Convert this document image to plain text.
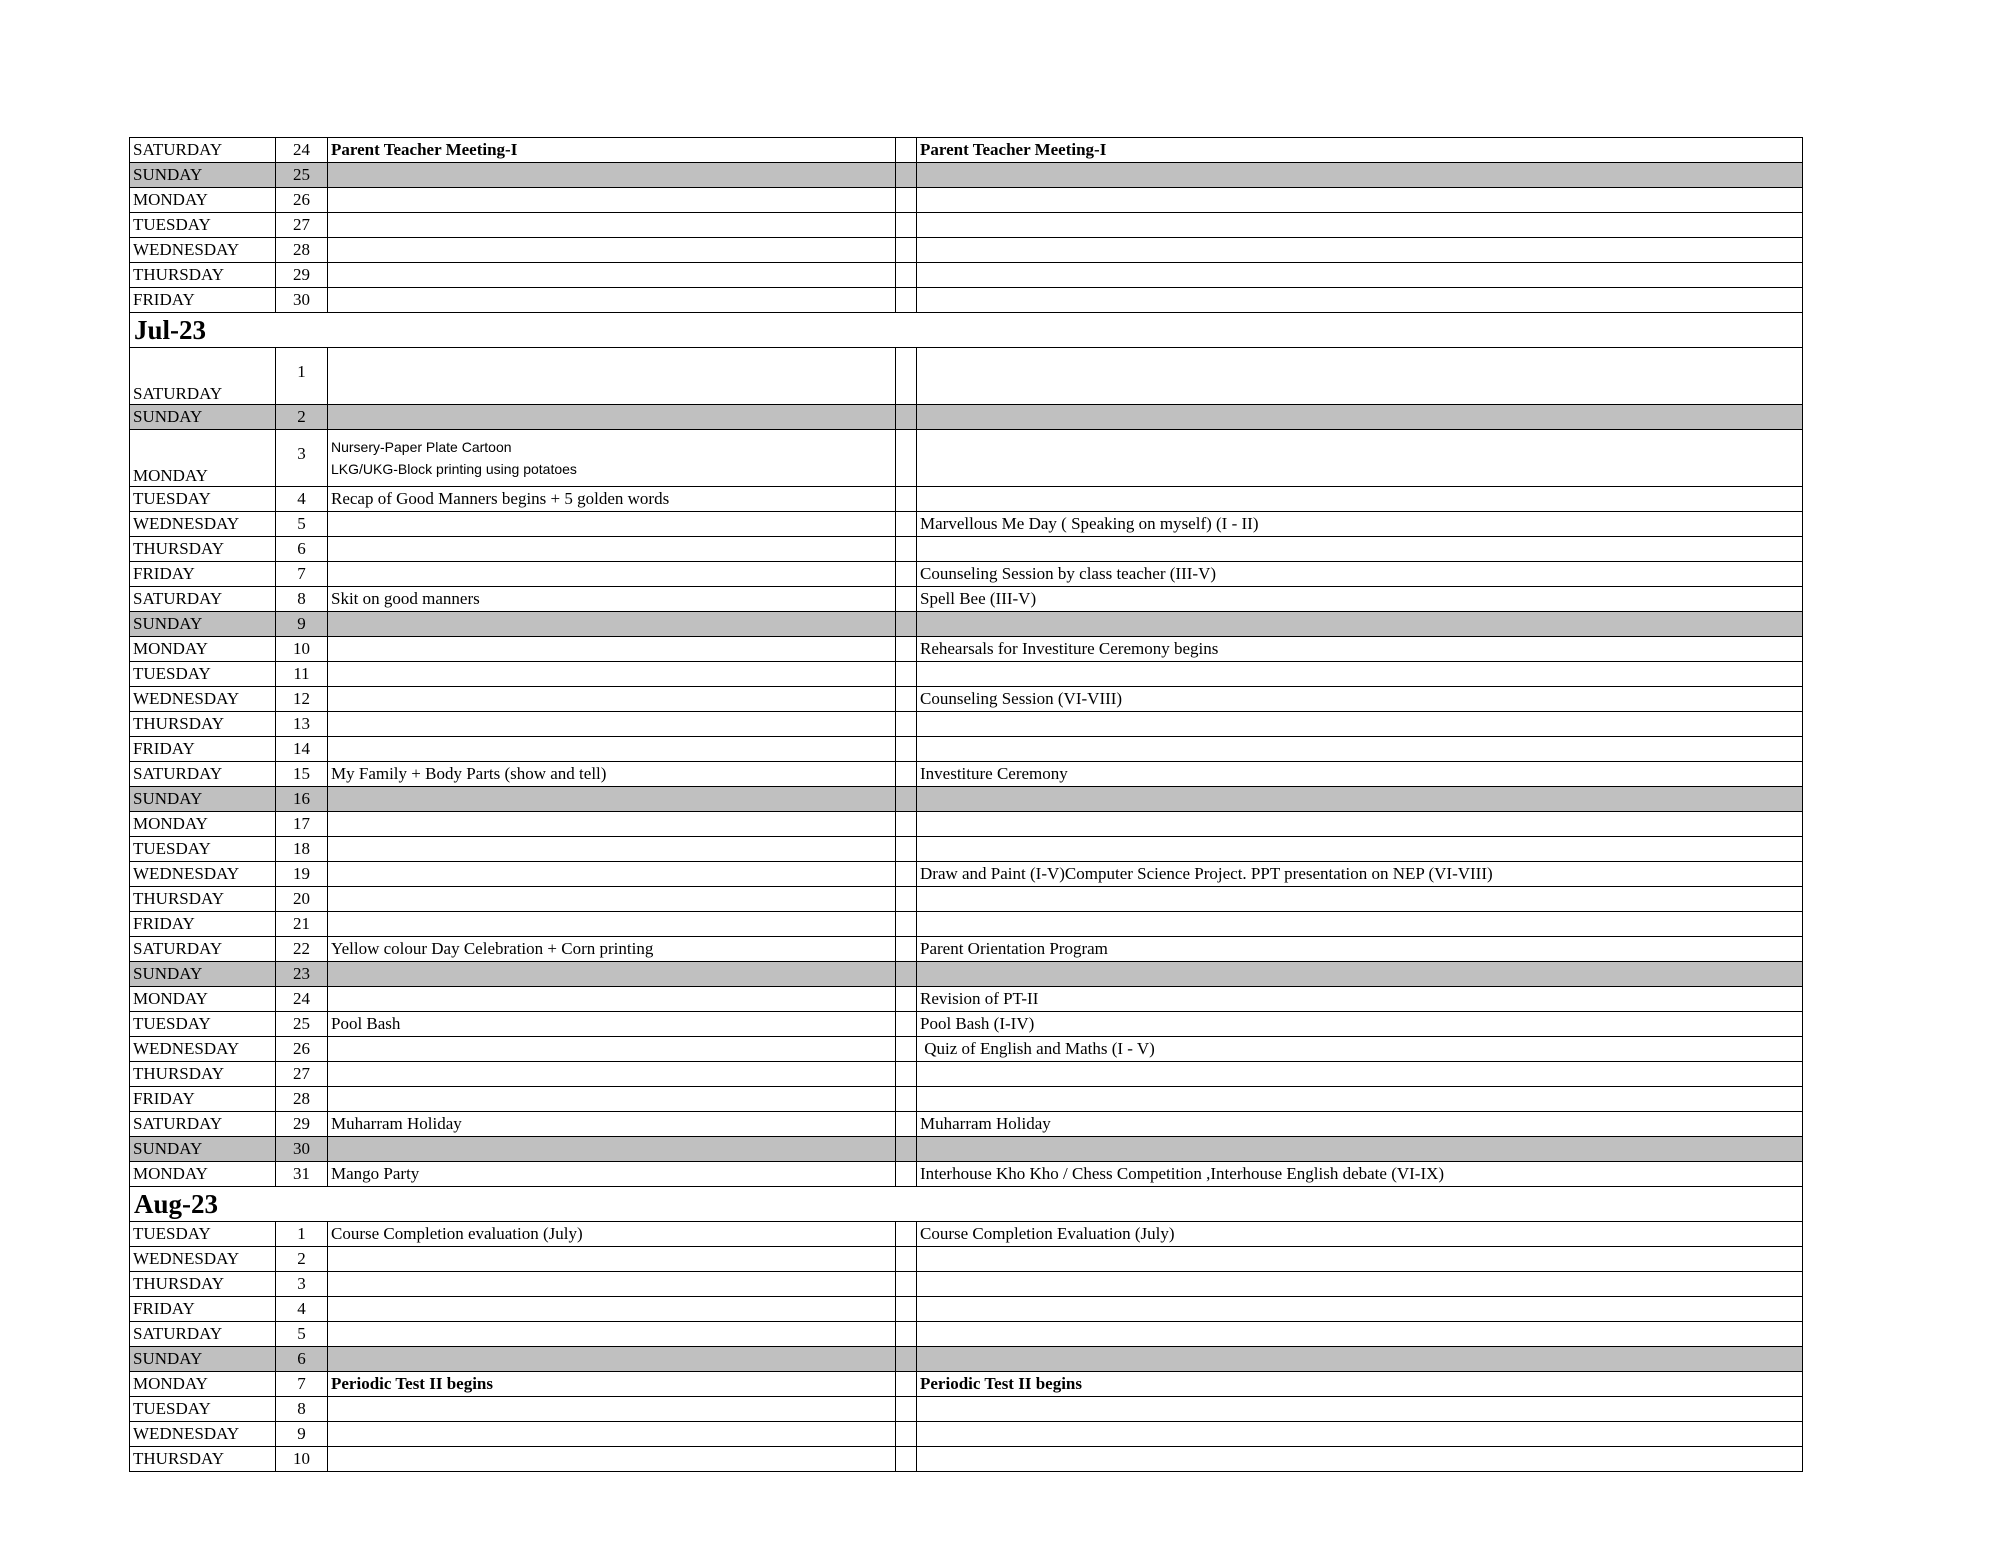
SATURDAY	24	Parent Teacher Meeting-I		Parent Teacher Meeting-I
SUNDAY	25			
MONDAY	26			
TUESDAY	27			
WEDNESDAY	28			
THURSDAY	29			
FRIDAY	30			
Jul-23				
SATURDAY	1			
SUNDAY	2			
MONDAY	3	Nursery-Paper Plate Cartoon
LKG/UKG-Block printing using potatoes		

TUESDAY	4	Recap of Good Manners begins + 5 golden words		
WEDNESDAY	5			Marvellous Me Day ( Speaking on myself) (I - II)
THURSDAY	6			
FRIDAY	7			Counseling Session by class teacher (III-V)
SATURDAY	8	Skit on good manners		Spell Bee (III-V)
SUNDAY	9			
MONDAY	10			Rehearsals for Investiture Ceremony begins
TUESDAY	11			
WEDNESDAY	12			Counseling Session (VI-VIII)
THURSDAY	13			
FRIDAY	14			
SATURDAY	15	My Family + Body Parts (show and tell)		Investiture Ceremony
SUNDAY	16			
MONDAY	17			
TUESDAY	18			
WEDNESDAY	19			Draw and Paint (I-V)Computer Science Project. PPT presentation on NEP (VI-VIII)
THURSDAY	20			
FRIDAY	21			
SATURDAY	22	Yellow colour Day Celebration + Corn printing		Parent Orientation Program
SUNDAY	23			
MONDAY	24			Revision of PT-II
TUESDAY	25	Pool Bash		Pool Bash (I-IV)
WEDNESDAY	26			Quiz of English and Maths (I - V)
THURSDAY	27			
FRIDAY	28			
SATURDAY	29	Muharram Holiday		Muharram Holiday
SUNDAY	30			
MONDAY	31	Mango Party		Interhouse Kho Kho / Chess Competition ,Interhouse English debate (VI-IX)
Aug-23				
TUESDAY	1	Course Completion evaluation (July)		Course Completion Evaluation (July)
WEDNESDAY	2			
THURSDAY	3			
FRIDAY	4			
SATURDAY	5			
SUNDAY	6			
MONDAY	7	Periodic Test II begins		Periodic Test II begins
TUESDAY	8			
WEDNESDAY	9			
THURSDAY	10			
